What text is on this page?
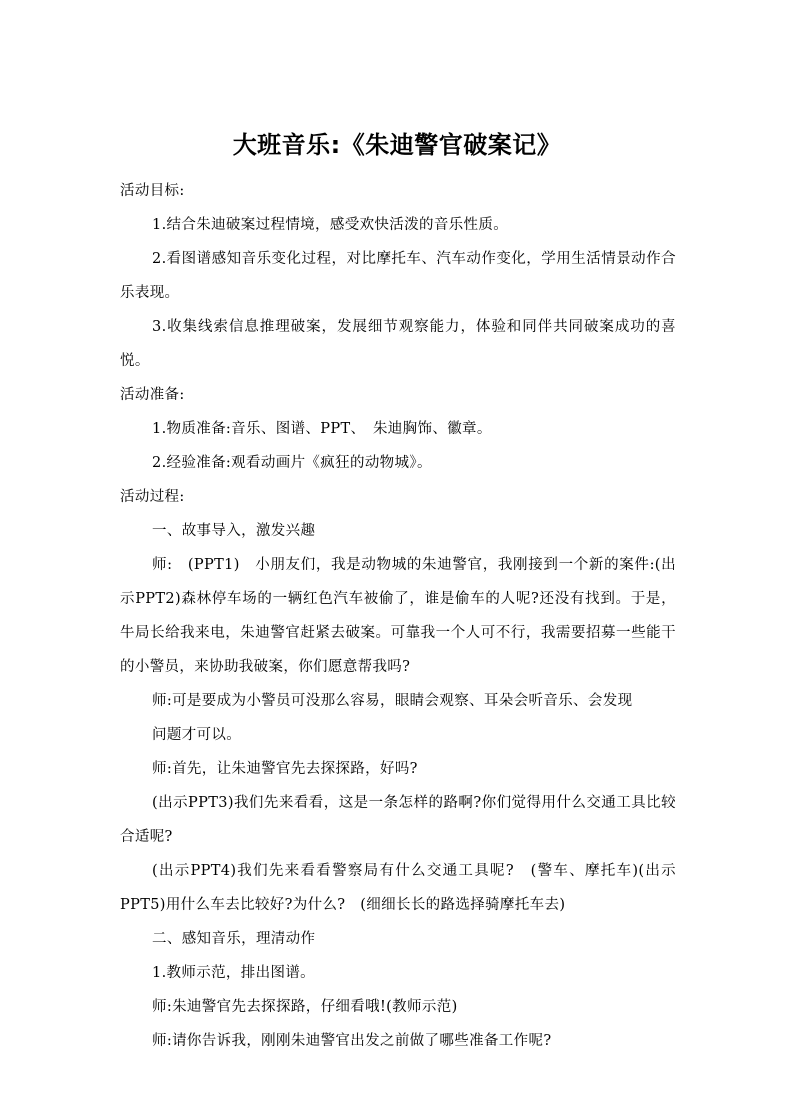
大班音乐:《朱迪警官破案记》

活动目标:

1.结合朱迪破案过程情境，感受欢快活泼的音乐性质。

2.看图谱感知音乐变化过程，对比摩托车、汽车动作变化，学用生活情景动作合乐表现。

3.收集线索信息推理破案，发展细节观察能力，体验和同伴共同破案成功的喜悦。

活动准备:

1.物质准备:音乐、图谱、PPT、　朱迪胸饰、徽章。

2.经验准备:观看动画片《疯狂的动物城》。

活动过程:

一、故事导入，激发兴趣

师:　(PPT1)　小朋友们，我是动物城的朱迪警官，我刚接到一个新的案件:(出示PPT2)森林停车场的一辆红色汽车被偷了，谁是偷车的人呢?还没有找到。于是，牛局长给我来电，朱迪警官赶紧去破案。可靠我一个人可不行，我需要招募一些能干的小警员，来协助我破案，你们愿意帮我吗?

师:可是要成为小警员可没那么容易，眼睛会观察、耳朵会听音乐、会发现

问题才可以。

师:首先，让朱迪警官先去探探路，好吗?

(出示PPT3)我们先来看看，这是一条怎样的路啊?你们觉得用什么交通工具比较合适呢?

(出示PPT4)我们先来看看警察局有什么交通工具呢?　(警车、摩托车)(出示PPT5)用什么车去比较好?为什么?　(细细长长的路选择骑摩托车去)

二、感知音乐，理清动作

1.教师示范，排出图谱。

师:朱迪警官先去探探路，仔细看哦!(教师示范)

师:请你告诉我，刚刚朱迪警官出发之前做了哪些准备工作呢?
